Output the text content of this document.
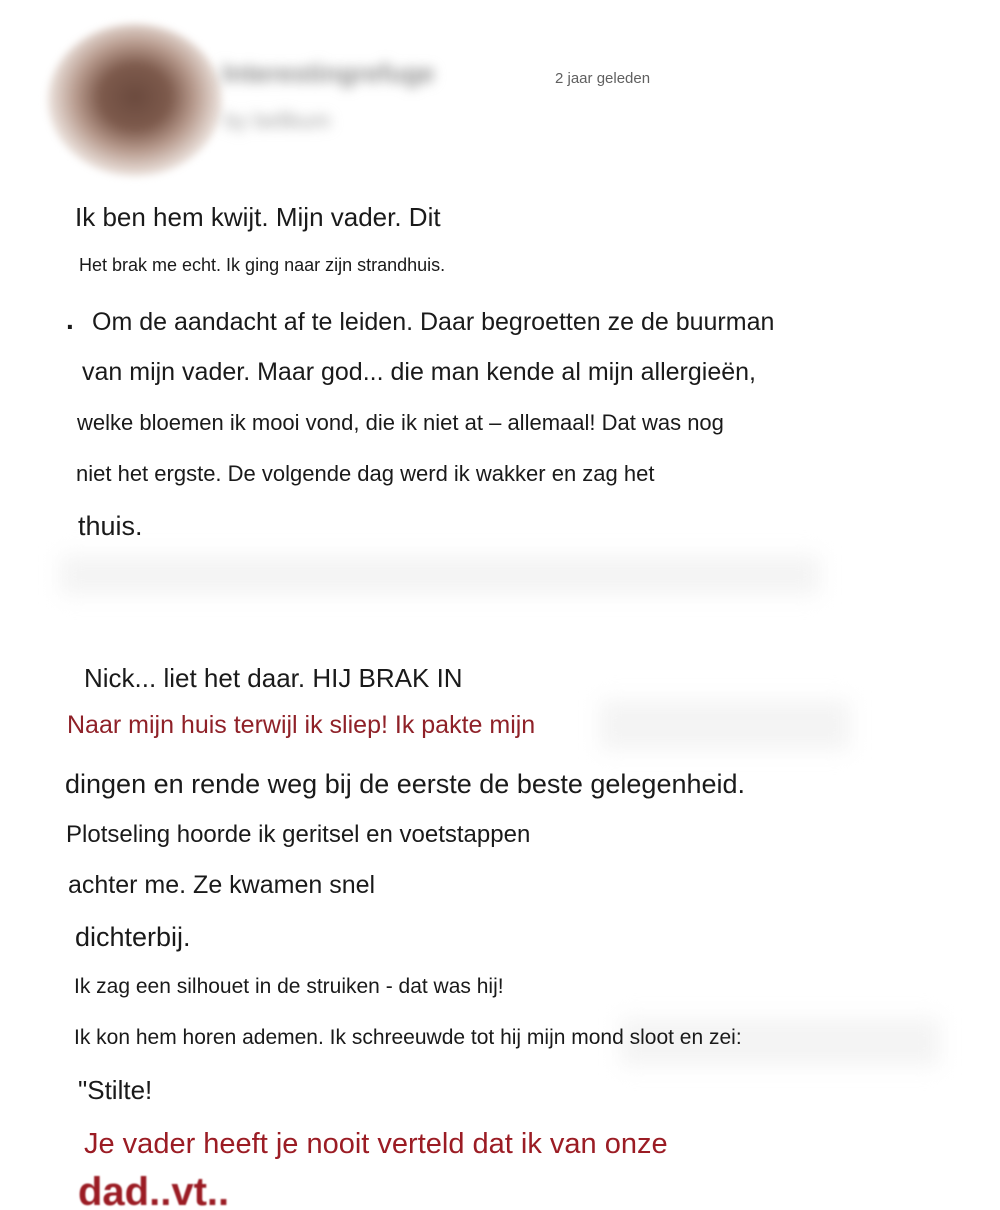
Interestingrefuge
by bellbum
2 jaar geleden
Ik ben hem kwijt. Mijn vader. Dit
Het brak me echt. Ik ging naar zijn strandhuis.
. Om de aandacht af te leiden. Daar begroetten ze de buurman
van mijn vader. Maar god... die man kende al mijn allergieën,
welke bloemen ik mooi vond, die ik niet at – allemaal! Dat was nog
niet het ergste. De volgende dag werd ik wakker en zag het
thuis.
Nick... liet het daar. HIJ BRAK IN
Naar mijn huis terwijl ik sliep! Ik pakte mijn
dingen en rende weg bij de eerste de beste gelegenheid.
Plotseling hoorde ik geritsel en voetstappen
achter me. Ze kwamen snel
dichterbij.
Ik zag een silhouet in de struiken - dat was hij!
Ik kon hem horen ademen. Ik schreeuwde tot hij mijn mond sloot en zei:
"Stilte!
Je vader heeft je nooit verteld dat ik van onze
dad..vt..
